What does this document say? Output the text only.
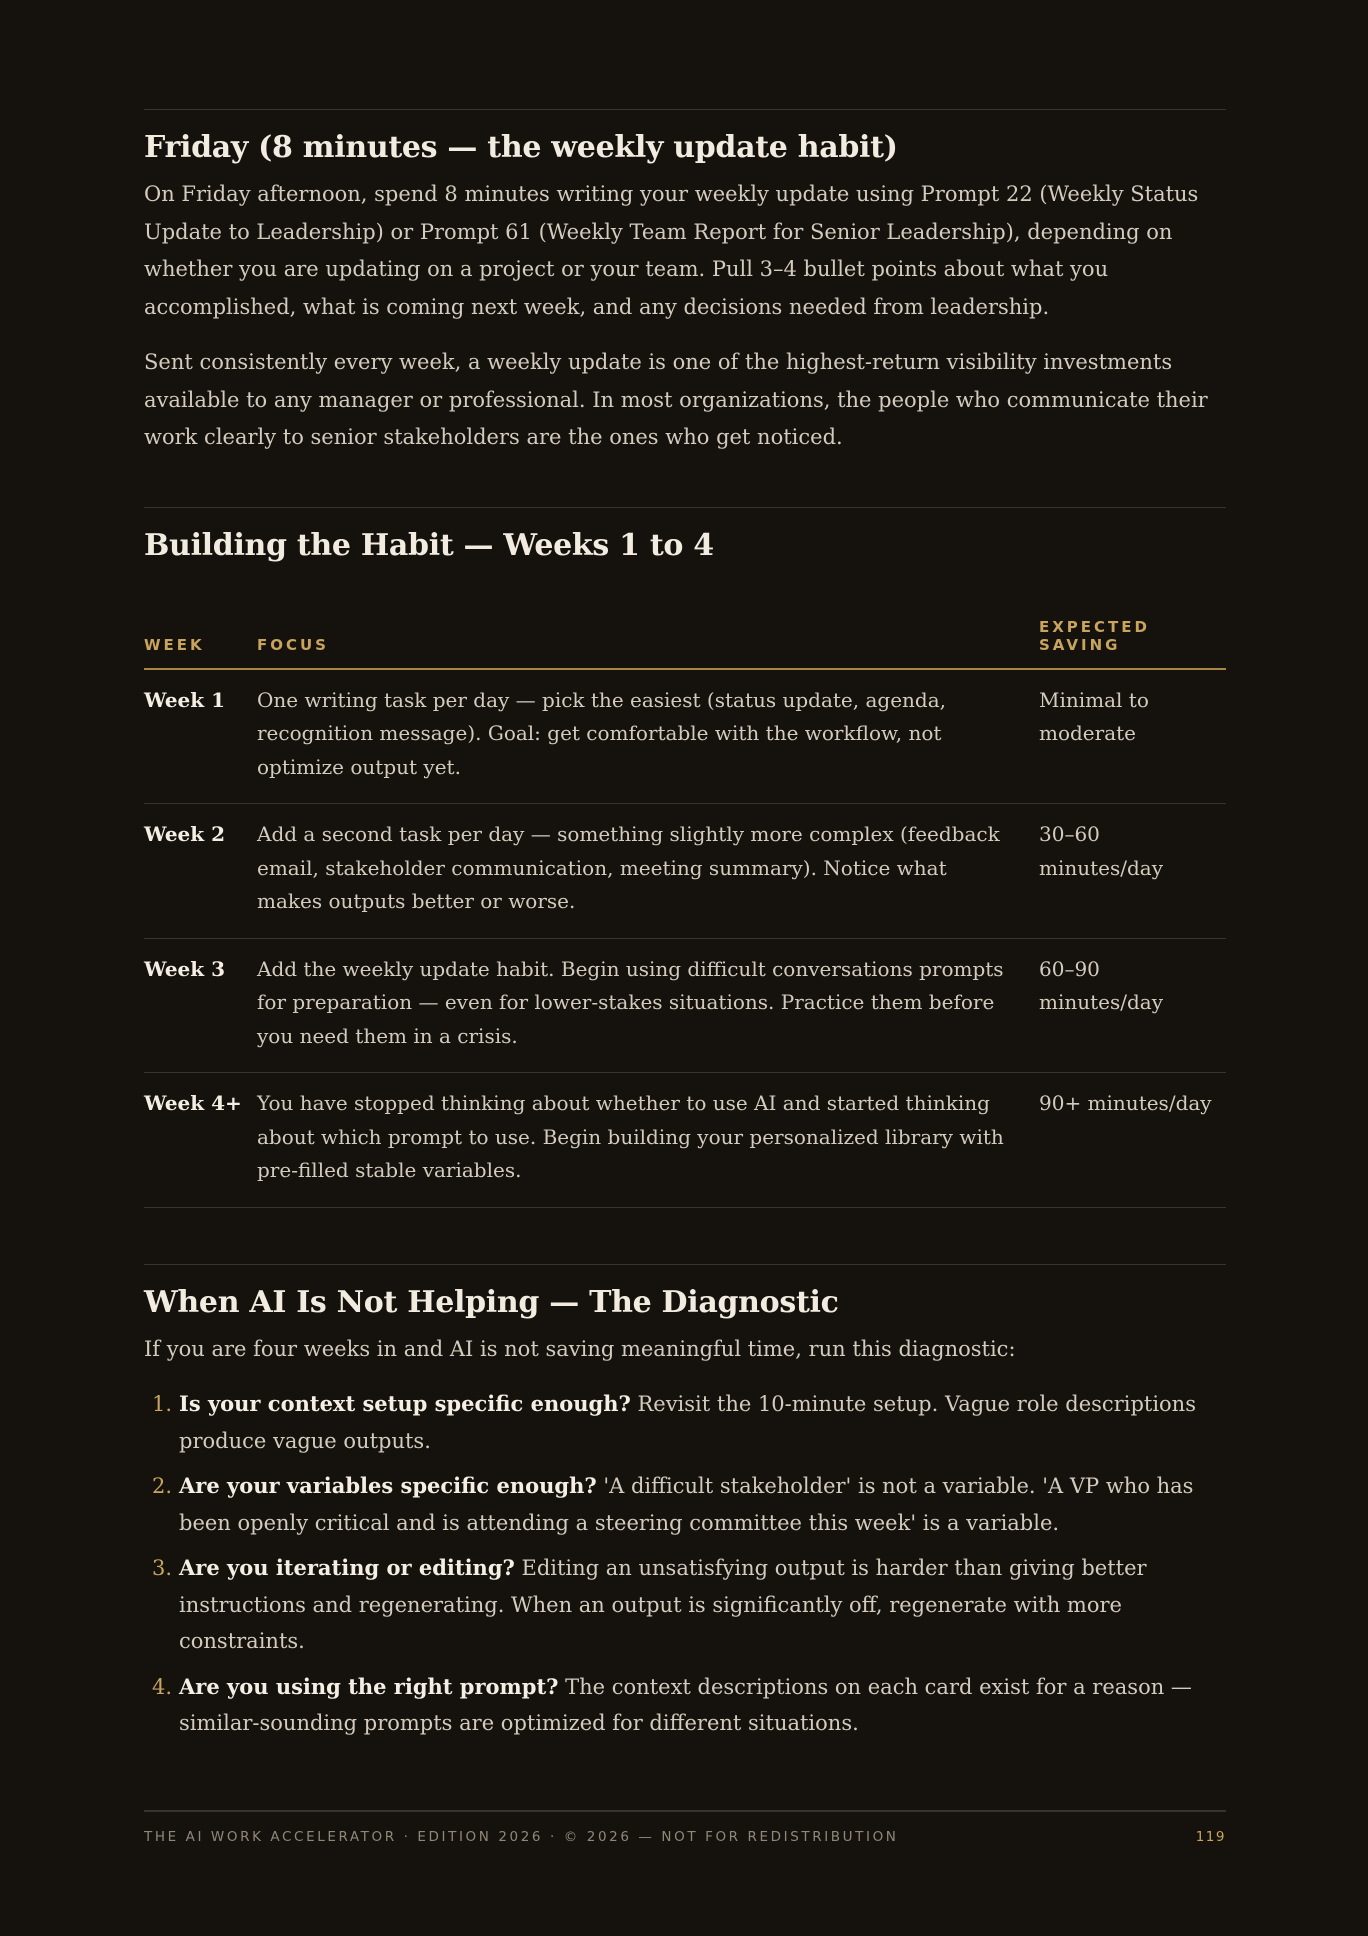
Friday (8 minutes — the weekly update habit)

On Friday afternoon, spend 8 minutes writing your weekly update using Prompt 22 (Weekly Status Update to Leadership) or Prompt 61 (Weekly Team Report for Senior Leadership), depending on whether you are updating on a project or your team. Pull 3–4 bullet points about what you accomplished, what is coming next week, and any decisions needed from leadership.

Sent consistently every week, a weekly update is one of the highest-return visibility investments available to any manager or professional. In most organizations, the people who communicate their work clearly to senior stakeholders are the ones who get noticed.

Building the Habit — Weeks 1 to 4
WEEK	FOCUS	EXPECTED SAVING
Week 1	One writing task per day — pick the easiest (status update, agenda, recognition message). Goal: get comfortable with the workflow, not optimize output yet.	Minimal to moderate
Week 2	Add a second task per day — something slightly more complex (feedback email, stakeholder communication, meeting summary). Notice what makes outputs better or worse.	30–60 minutes/day
Week 3	Add the weekly update habit. Begin using difficult conversations prompts for preparation — even for lower-stakes situations. Practice them before you need them in a crisis.	60–90 minutes/day
Week 4+	You have stopped thinking about whether to use AI and started thinking about which prompt to use. Begin building your personalized library with pre-filled stable variables.	90+ minutes/day
When AI Is Not Helping — The Diagnostic

If you are four weeks in and AI is not saving meaningful time, run this diagnostic:

1. Is your context setup specific enough? Revisit the 10-minute setup. Vague role descriptions produce vague outputs.
2. Are your variables specific enough? 'A difficult stakeholder' is not a variable. 'A VP who has been openly critical and is attending a steering committee this week' is a variable.
3. Are you iterating or editing? Editing an unsatisfying output is harder than giving better instructions and regenerating. When an output is significantly off, regenerate with more constraints.
4. Are you using the right prompt? The context descriptions on each card exist for a reason — similar-sounding prompts are optimized for different situations.
THE AI WORK ACCELERATOR · EDITION 2026 · © 2026 — NOT FOR REDISTRIBUTION	119
